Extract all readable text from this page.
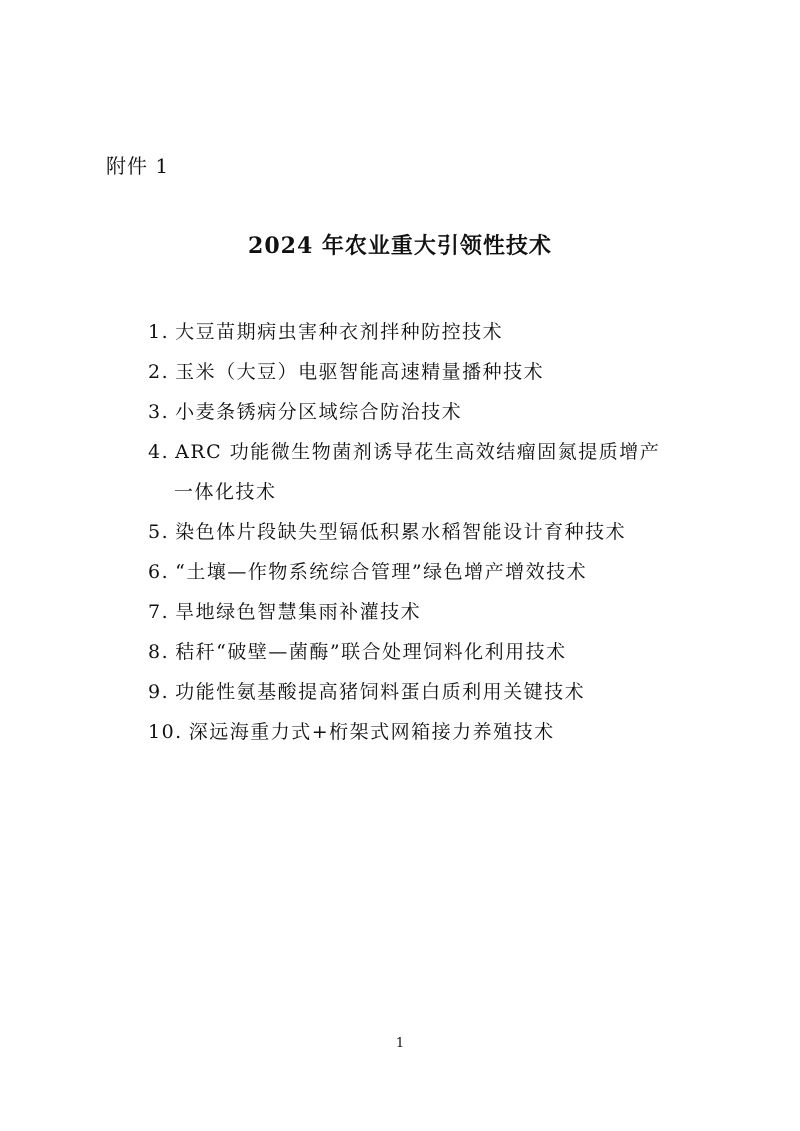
附件 1
2024 年农业重大引领性技术
1. 大豆苗期病虫害种衣剂拌种防控技术
2. 玉米（大豆）电驱智能高速精量播种技术
3. 小麦条锈病分区域综合防治技术
4. ARC 功能微生物菌剂诱导花生高效结瘤固氮提质增产
一体化技术
5. 染色体片段缺失型镉低积累水稻智能设计育种技术
6. “土壤—作物系统综合管理”绿色增产增效技术
7. 旱地绿色智慧集雨补灌技术
8. 秸秆“破壁—菌酶”联合处理饲料化利用技术
9. 功能性氨基酸提高猪饲料蛋白质利用关键技术
10. 深远海重力式+桁架式网箱接力养殖技术
1
